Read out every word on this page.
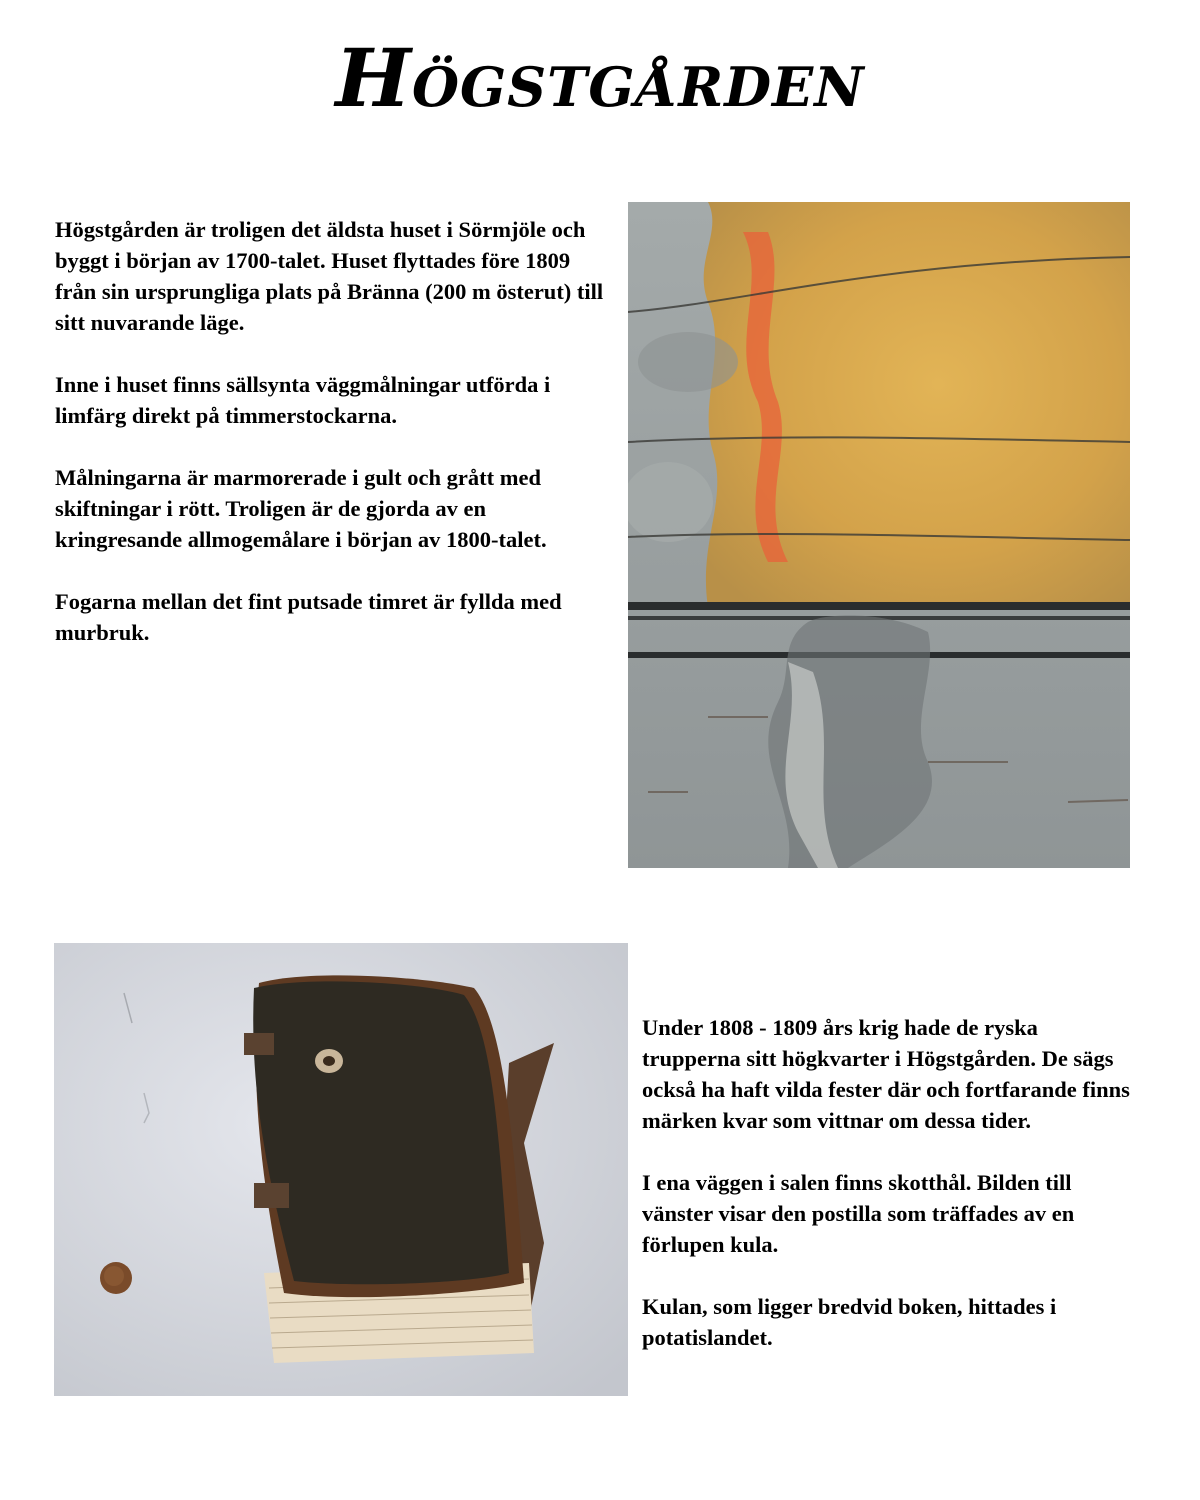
HÖGSTGÅRDEN

Högstgården är troligen det äldsta huset i Sörmjöle och byggt i början av 1700-talet. Huset flyttades före 1809 från sin ursprungliga plats på Bränna (200 m österut) till sitt nuvarande läge.

Inne i huset finns sällsynta väggmålningar utförda i limfärg direkt på timmerstockarna.

Målningarna är marmorerade i gult och grått med skiftningar i rött. Troligen är de gjorda av en kringresande allmogemålare i början av 1800-talet.

Fogarna mellan det fint putsade timret är fyllda med murbruk.

Under 1808 - 1809 års krig hade de ryska trupperna sitt högkvarter i Högstgården. De sägs också ha haft vilda fester där och fortfarande finns märken kvar som vittnar om dessa tider.

I ena väggen i salen finns skotthål. Bilden till vänster visar den postilla som träffades av en förlupen kula.

Kulan, som ligger bredvid boken, hittades i potatislandet.
